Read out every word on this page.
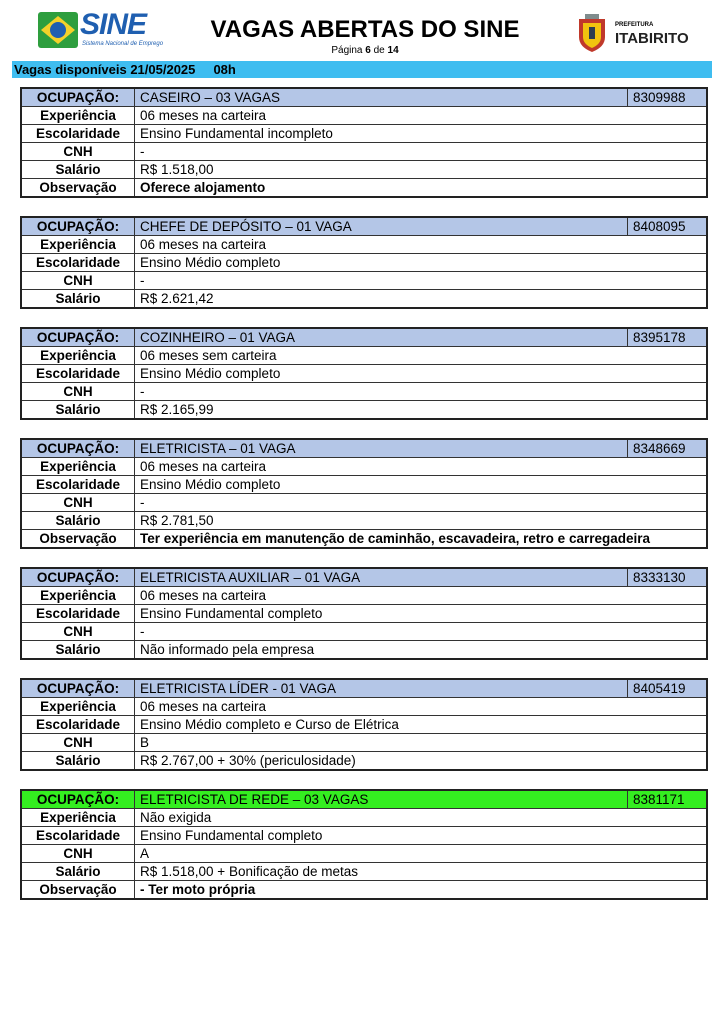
SINE
Sistema Nacional de Emprego
VAGAS ABERTAS DO SINE
Página 6 de 14
PREFEITURA
ITABIRITO
Vagas disponíveis 21/05/2025     08h
OCUPAÇÃO:	CASEIRO – 03 VAGAS	8309988
Experiência	06 meses na carteira	
Escolaridade	Ensino Fundamental incompleto	
CNH	-	
Salário	R$ 1.518,00	
Observação	Oferece alojamento	
OCUPAÇÃO:	CHEFE DE DEPÓSITO – 01 VAGA	8408095
Experiência	06 meses na carteira	
Escolaridade	Ensino Médio completo	
CNH	-	
Salário	R$ 2.621,42	
OCUPAÇÃO:	COZINHEIRO – 01 VAGA	8395178
Experiência	06 meses sem carteira	
Escolaridade	Ensino Médio completo	
CNH	-	
Salário	R$ 2.165,99	
OCUPAÇÃO:	ELETRICISTA – 01 VAGA	8348669
Experiência	06 meses na carteira	
Escolaridade	Ensino Médio completo	
CNH	-	
Salário	R$ 2.781,50	
Observação	Ter experiência em manutenção de caminhão, escavadeira, retro e carregadeira	
OCUPAÇÃO:	ELETRICISTA AUXILIAR – 01 VAGA	8333130
Experiência	06 meses na carteira	
Escolaridade	Ensino Fundamental completo	
CNH	-	
Salário	Não informado pela empresa	
OCUPAÇÃO:	ELETRICISTA LÍDER - 01 VAGA	8405419
Experiência	06 meses na carteira	
Escolaridade	Ensino Médio completo e Curso de Elétrica	
CNH	B	
Salário	R$ 2.767,00 + 30% (periculosidade)	
OCUPAÇÃO:	ELETRICISTA DE REDE – 03 VAGAS	8381171
Experiência	Não exigida	
Escolaridade	Ensino Fundamental completo	
CNH	A	
Salário	R$ 1.518,00 + Bonificação de metas	
Observação	- Ter moto própria	
